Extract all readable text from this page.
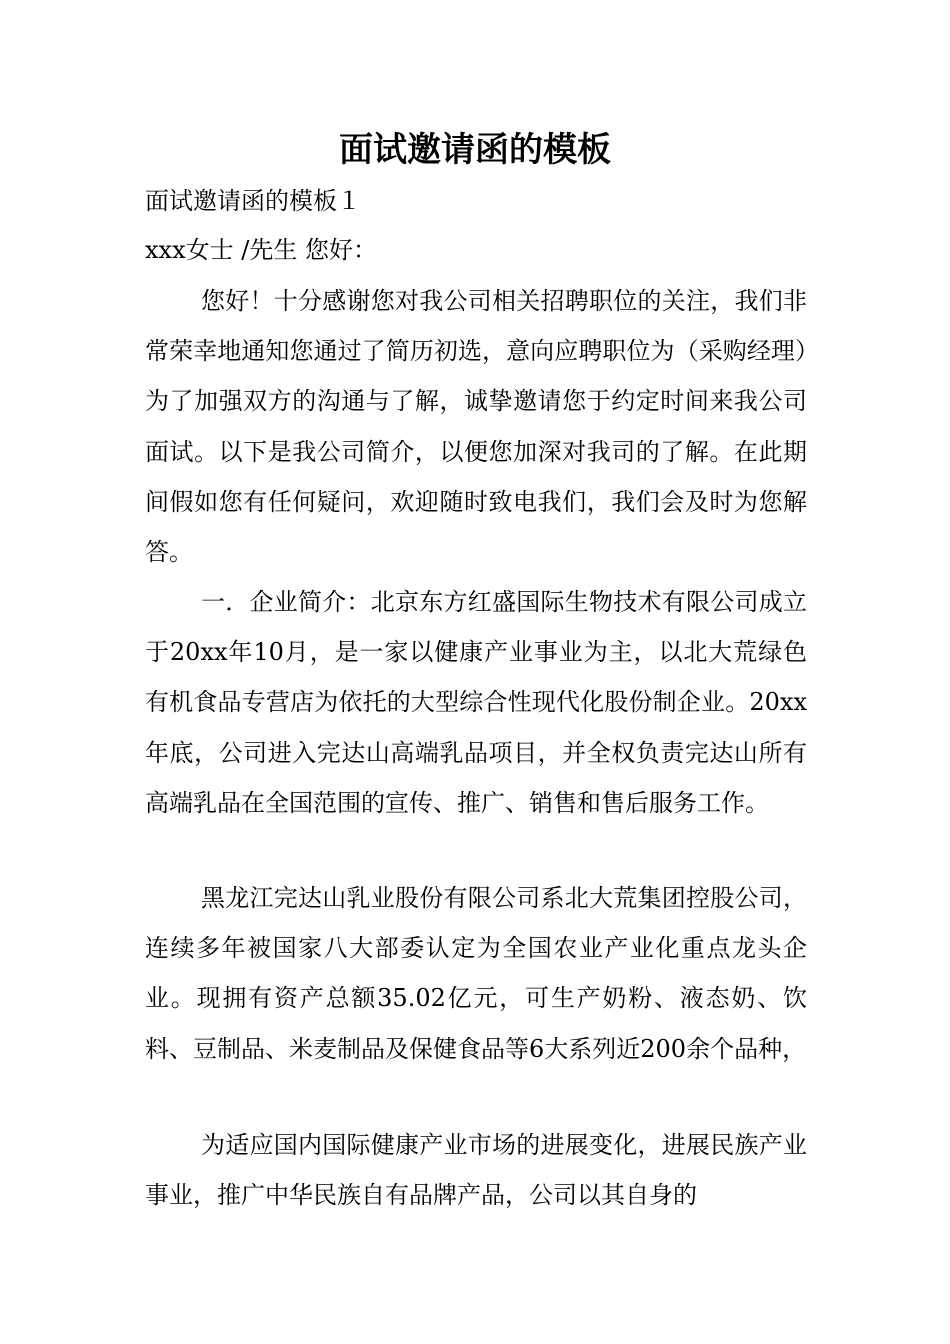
面试邀请函的模板

面试邀请函的模板１

xxx女士 /先生 您好：

您好！十分感谢您对我公司相关招聘职位的关注，我们非常荣幸地通知您通过了简历初选，意向应聘职位为（采购经理）为了加强双方的沟通与了解，诚挚邀请您于约定时间来我公司面试。以下是我公司简介，以便您加深对我司的了解。在此期间假如您有任何疑问，欢迎随时致电我们，我们会及时为您解答。

一．企业简介：北京东方红盛国际生物技术有限公司成立于20xx年10月，是一家以健康产业事业为主，以北大荒绿色有机食品专营店为依托的大型综合性现代化股份制企业。20xx年底，公司进入完达山高端乳品项目，并全权负责完达山所有高端乳品在全国范围的宣传、推广、销售和售后服务工作。

黑龙江完达山乳业股份有限公司系北大荒集团控股公司，连续多年被国家八大部委认定为全国农业产业化重点龙头企业。现拥有资产总额35.02亿元，可生产奶粉、液态奶、饮料、豆制品、米麦制品及保健食品等6大系列近200余个品种，

为适应国内国际健康产业市场的进展变化，进展民族产业事业，推广中华民族自有品牌产品，公司以其自身的
